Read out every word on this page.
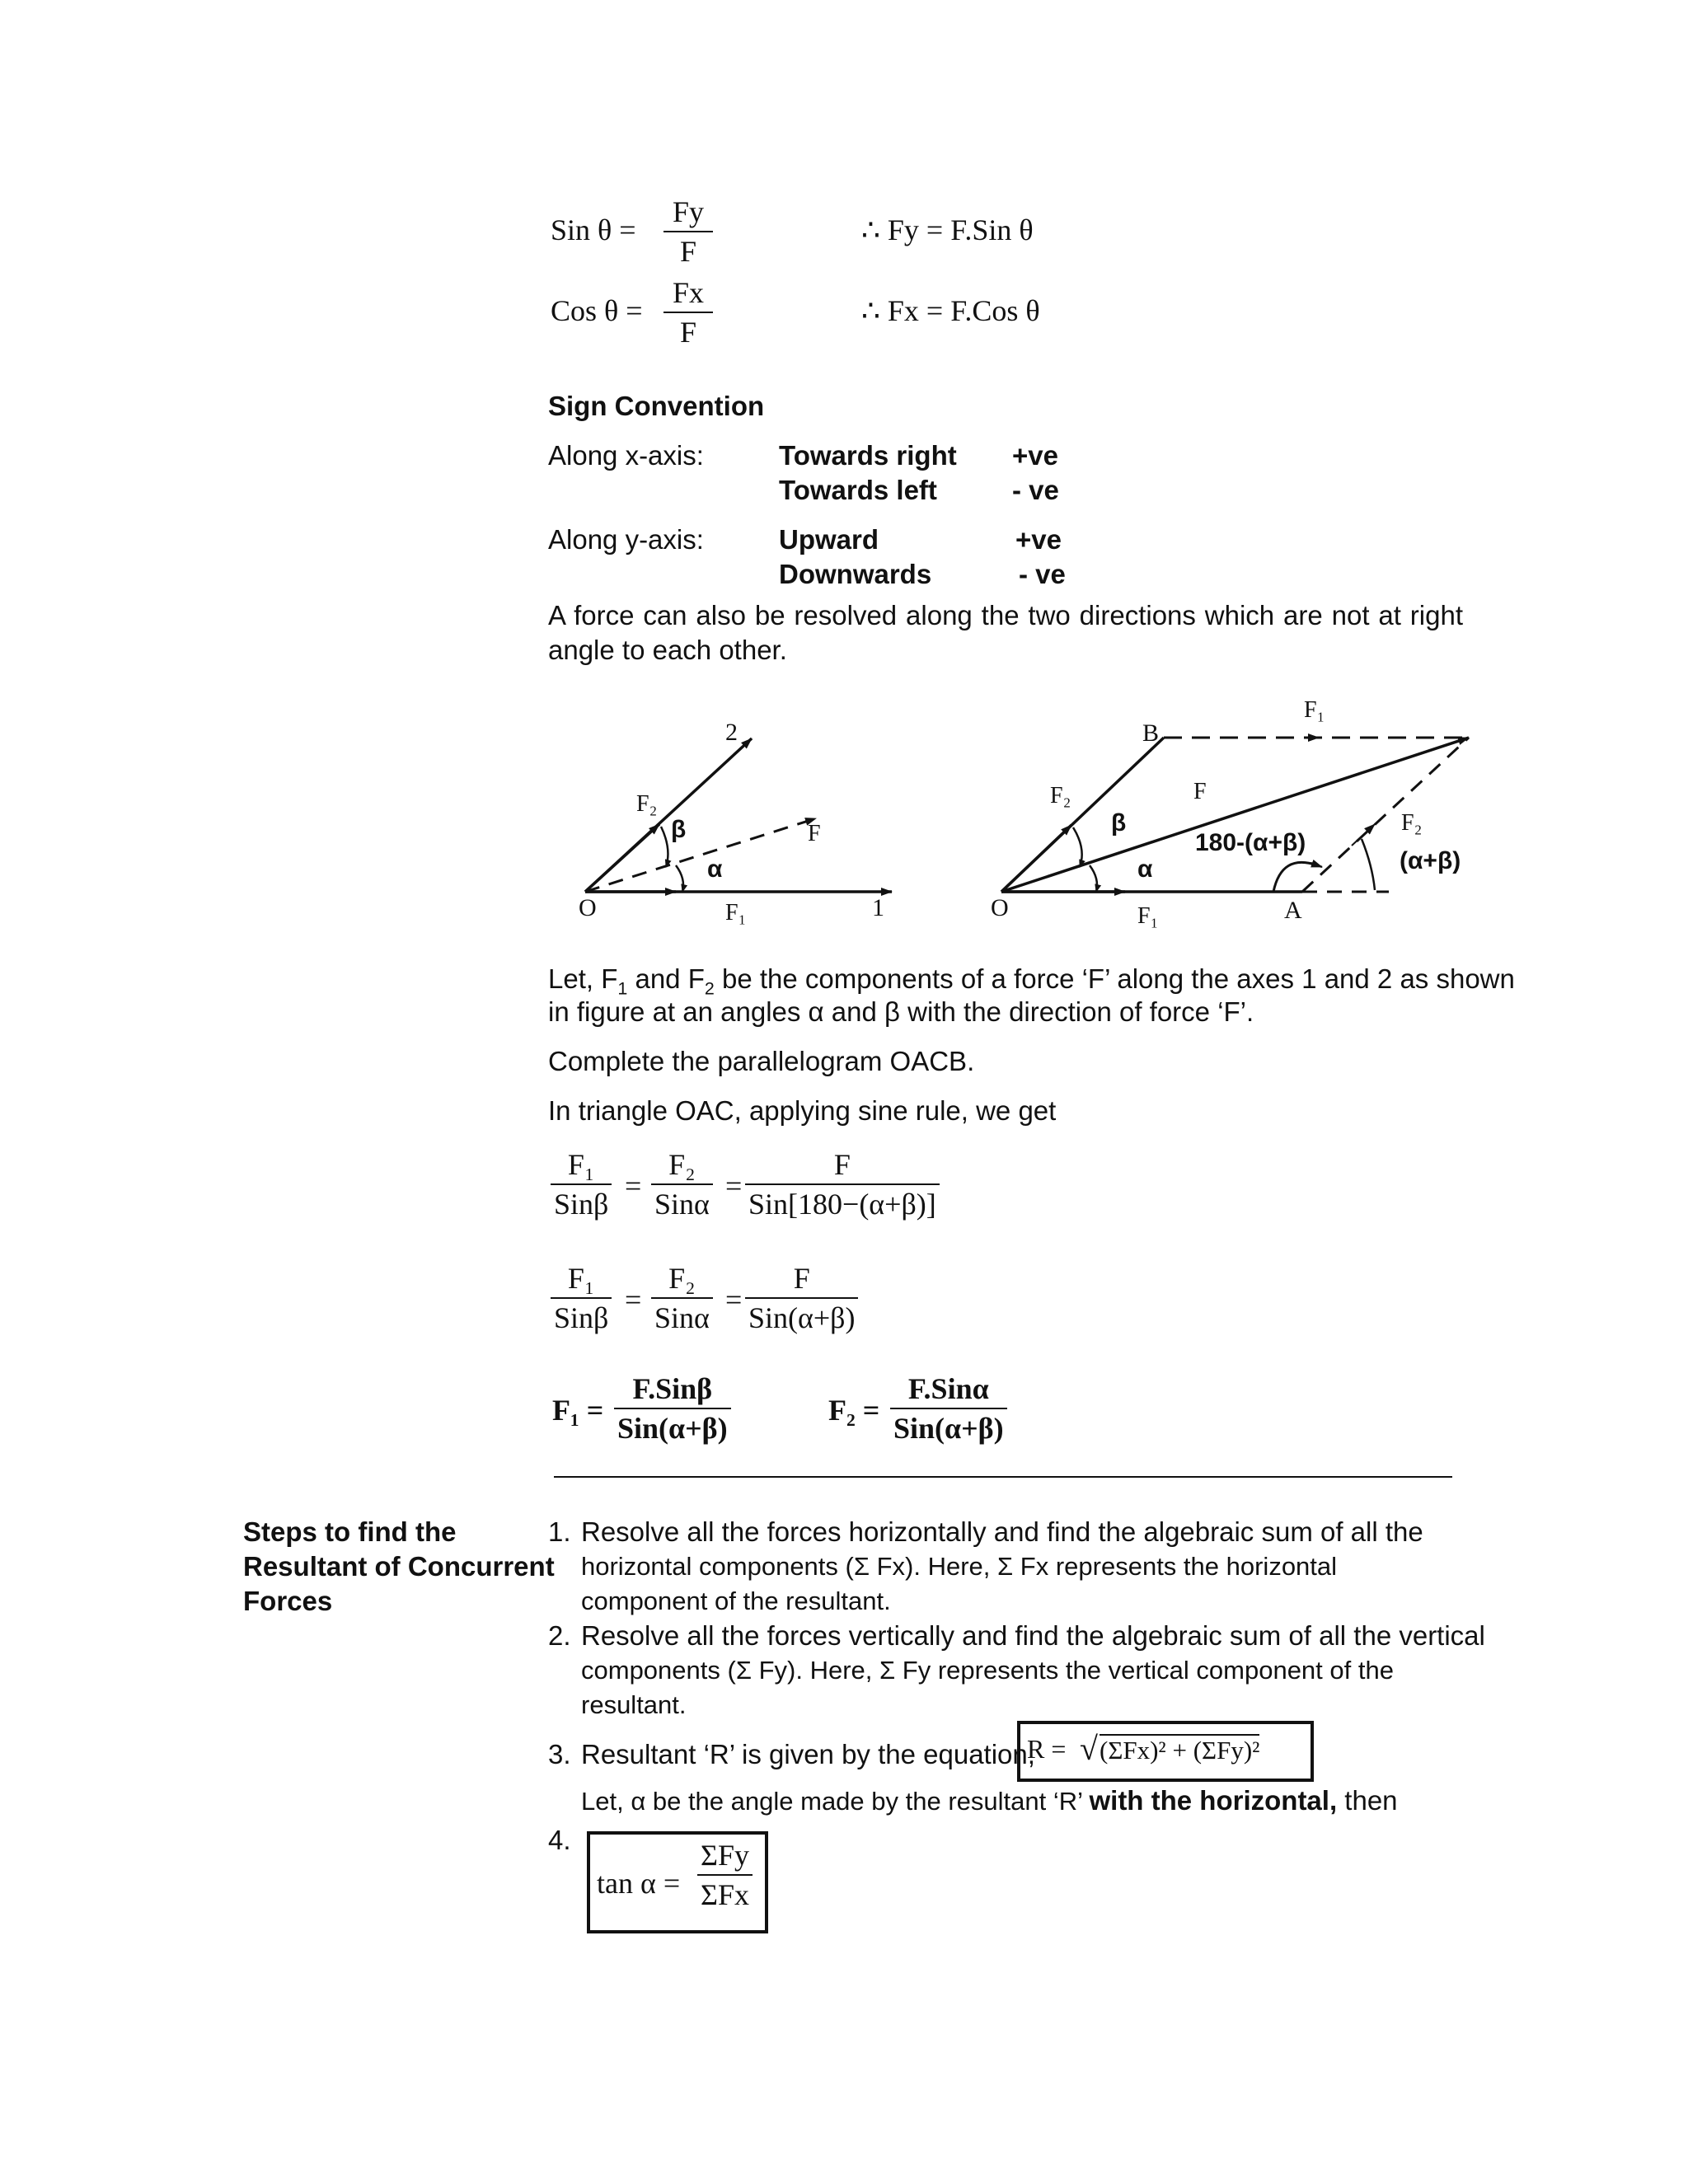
Sin $\theta = \frac{Fy}{F}$	∴ Fy = F.Sin θ
Cos $\theta = \frac{Fx}{F}$	∴ Fx = F.Cos θ
Sign Convention
Along x-axis:	Towards right +ve
Towards left	- ve
Along y-axis:	Upward	+ve
Downwards	- ve
A force can also be resolved along the two directions which are not at right angle to each other.
O	1
2
F
F₁
F₂
β
α
O	A
B
F
F₁
F₁
F₂
F₂
β
α
180-(α+β)
(α+β)
Let, $F_1$ and $F_2$ be the components of a force ‘F’ along the axes 1 and 2 as shown
in figure at an angles α and β with the direction of force ‘F’.
Complete the parallelogram OACB.
In triangle OAC, applying sine rule, we get
F₁
Sinβ
=
F₂
Sinα
=
F
Sin[180−(α+β)]
F₁
Sinβ
=
F₂
Sinα
=
F
Sin(α+β)
F₁ =
F.Sinβ
Sin(α+β)
F₂ =
F.Sinα
Sin(α+β)
Steps to find the
Resultant of Concurrent
Forces
1. Resolve all the forces horizontally and find the algebraic sum of all the
horizontal components (Σ Fx). Here, Σ Fx represents the horizontal
component of the resultant.
2. Resolve all the forces vertically and find the algebraic sum of all the vertical
components (Σ Fy). Here, Σ Fy represents the vertical component of the
resultant.
3. Resultant ‘R’ is given by the equation,
R = √ (ΣFx)² + (ΣFy)²
Let, α be the angle made by the resultant ‘R’ with the horizontal, then
4.
tan α =
ΣFy
ΣFx
